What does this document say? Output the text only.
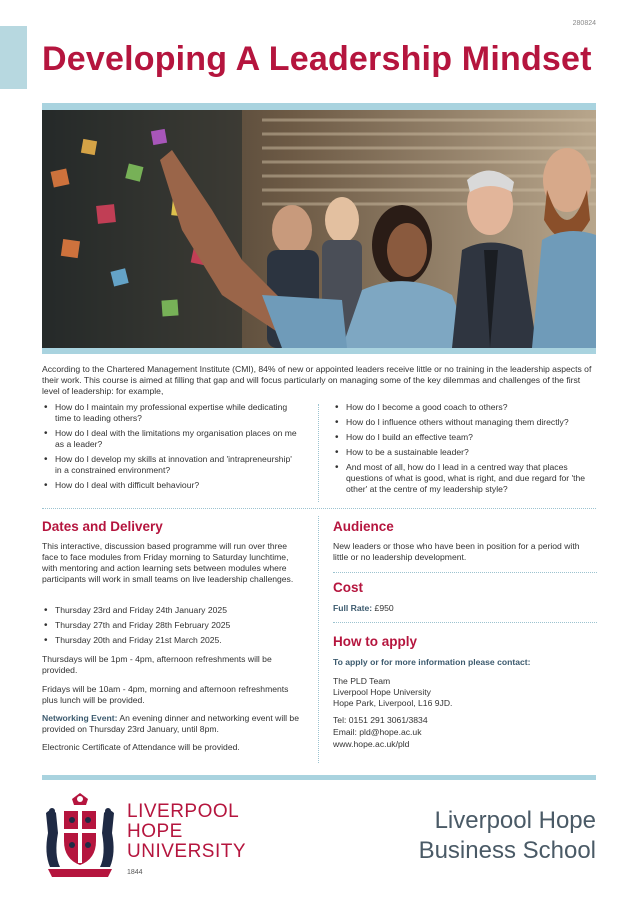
280824
Developing A Leadership Mindset

According to the Chartered Management Institute (CMI), 84% of new or appointed leaders receive little or no training in the leadership aspects of their work. This course is aimed at filling that gap and will focus particularly on managing some of the key dilemmas and challenges of the first level of leadership: for example,

• How do I maintain my professional expertise while dedicating time to leading others?
• How do I deal with the limitations my organisation places on me as a leader?
• How do I develop my skills at innovation and 'intrapreneurship' in a constrained environment?
• How do I deal with difficult behaviour?
• How do I become a good coach to others?
• How do I influence others without managing them directly?
• How do I build an effective team?
• How to be a sustainable leader?
• And most of all, how do I lead in a centred way that places questions of what is good, what is right, and due regard for 'the other' at the centre of my leadership style?
Dates and Delivery

This interactive, discussion based programme will run over three face to face modules from Friday morning to Saturday lunchtime, with mentoring and action learning sets between modules where participants will work in small teams on live leadership challenges.

• Thursday 23rd and Friday 24th January 2025
• Thursday 27th and Friday 28th February 2025
• Thursday 20th and Friday 21st March 2025.

Thursdays will be 1pm - 4pm, afternoon refreshments will be provided.

Fridays will be 10am - 4pm, morning and afternoon refreshments plus lunch will be provided.

Networking Event: An evening dinner and networking event will be provided on Thursday 23rd January, until 8pm.

Electronic Certificate of Attendance will be provided.

Audience

New leaders or those who have been in position for a period with little or no leadership development.

Cost

Full Rate: £950

How to apply

To apply or for more information please contact:

The PLD Team

Liverpool Hope University

Hope Park, Liverpool, L16 9JD.

Tel: 0151 291 3061/3834

Email: pld@hope.ac.uk

www.hope.ac.uk/pld

LIVERPOOL
HOPE
UNIVERSITY
1844
Liverpool Hope
Business School
